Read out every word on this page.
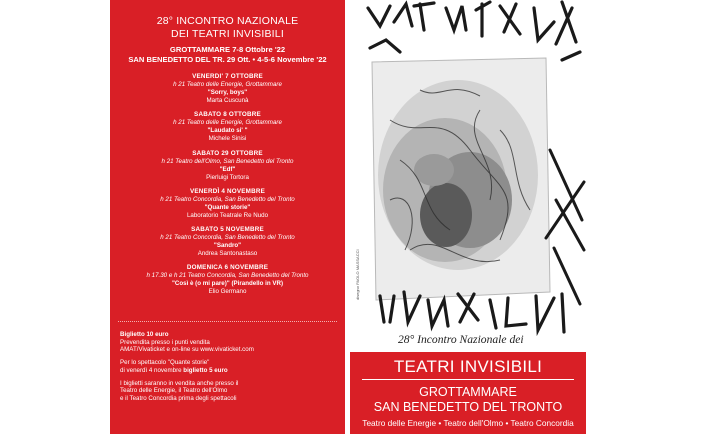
28° INCONTRO NAZIONALE
DEI TEATRI INVISIBILI
GROTTAMMARE 7-8 Ottobre '22
SAN BENEDETTO DEL TR. 29 Ott. • 4-5-6 Novembre '22
VENERDI' 7 OTTOBRE
h 21 Teatro delle Energie, Grottammare
"Sorry, boys"
Marta Cuscunà
SABATO 8 OTTOBRE
h 21 Teatro delle Energie, Grottammare
"Laudato si' "
Michele Sinisi
SABATO 29 OTTOBRE
h 21 Teatro dell'Olmo, San Benedetto del Tronto
"Edf"
Pierluigi Tortora
VENERDÌ 4 NOVEMBRE
h 21 Teatro Concordia, San Benedetto del Tronto
"Quante storie"
Laboratorio Teatrale Re Nudo
SABATO 5 NOVEMBRE
h 21 Teatro Concordia, San Benedetto del Tronto
"Sandro"
Andrea Santonastaso
DOMENICA 6 NOVEMBRE
h 17.30 e h 21 Teatro Concordia, San Benedetto del Tronto
"Così è (o mi pare)" (Pirandello in VR)
Elio Germano
Biglietto 10 euro
Prevendita presso i punti vendita
AMAT/Vivaticket e on-line su www.vivaticket.com
Per lo spettacolo "Quante storie"
di venerdì 4 novembre biglietto 5 euro
I biglietti saranno in vendita anche presso il
Teatro delle Energie, il Teatro dell'Olmo
e il Teatro Concordia prima degli spettacoli
disegno PAOLO MASSACCI
28° Incontro Nazionale dei
TEATRI INVISIBILI
GROTTAMMARE
SAN BENEDETTO DEL TRONTO
Teatro delle Energie • Teatro dell'Olmo • Teatro Concordia
